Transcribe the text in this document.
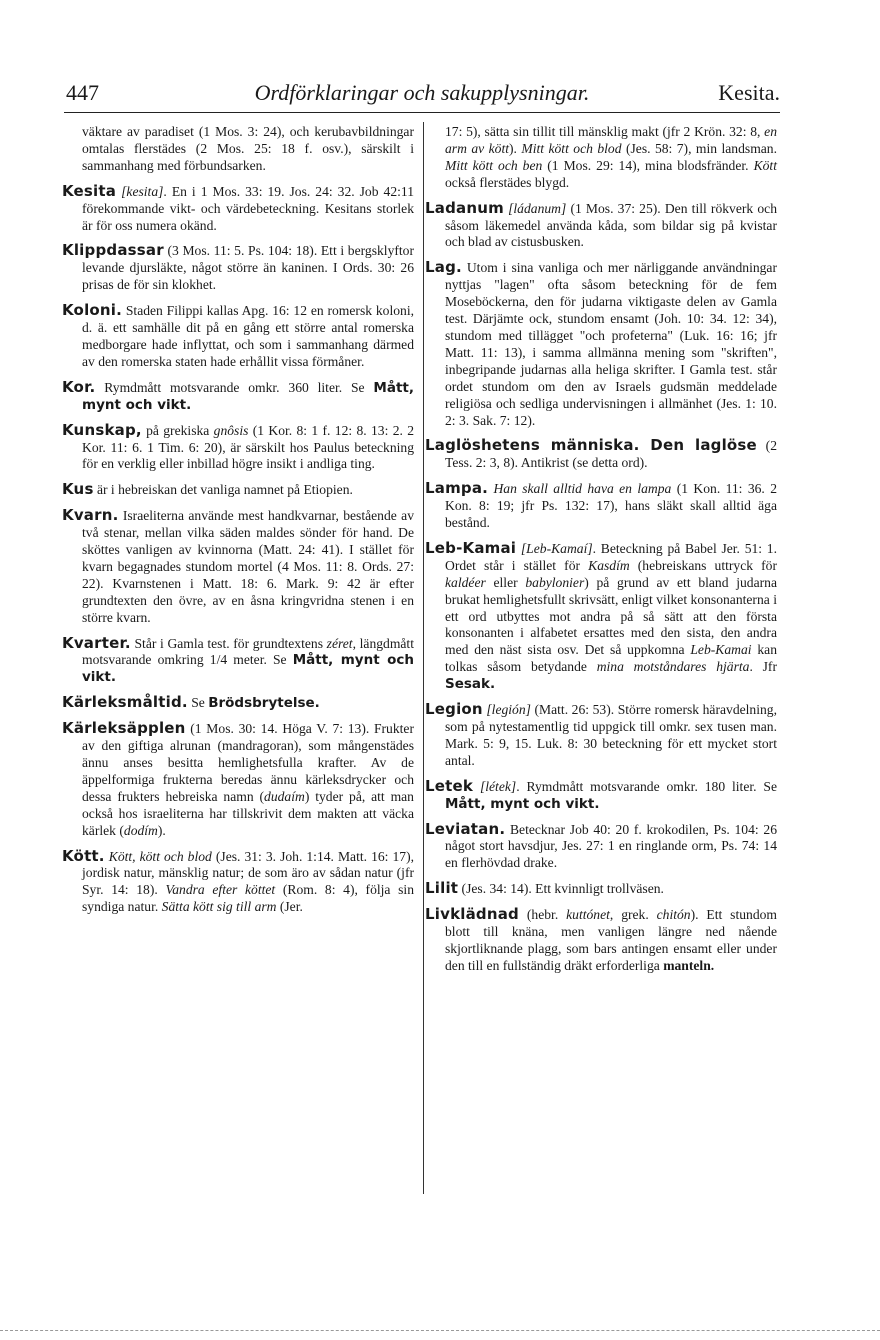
447	Ordförklaringar och sakupplysningar.	Kesita.

väktare av paradiset (1 Mos. 3: 24), och kerubavbildningar omtalas flerstädes (2 Mos. 25: 18 f. osv.), särskilt i sammanhang med förbundsarken.

Kesita [kesita]. En i 1 Mos. 33: 19. Jos. 24: 32. Job 42:11 förekommande vikt- och värdebeteckning. Kesitans storlek är för oss numera okänd.

Klippdassar (3 Mos. 11: 5. Ps. 104: 18). Ett i bergsklyftor levande djursläkte, något större än kaninen. I Ords. 30: 26 prisas de för sin klokhet.

Koloni. Staden Filippi kallas Apg. 16: 12 en romersk koloni, d. ä. ett samhälle dit på en gång ett större antal romerska medborgare hade inflyttat, och som i sammanhang därmed av den romerska staten hade erhållit vissa förmåner.

Kor. Rymdmått motsvarande omkr. 360 liter. Se Mått, mynt och vikt.

Kunskap, på grekiska gnôsis (1 Kor. 8: 1 f. 12: 8. 13: 2. 2 Kor. 11: 6. 1 Tim. 6: 20), är särskilt hos Paulus beteckning för en verklig eller inbillad högre insikt i andliga ting.

Kus är i hebreiskan det vanliga namnet på Etiopien.

Kvarn. Israeliterna använde mest handkvarnar, bestående av två stenar, mellan vilka säden maldes sönder för hand. De sköttes vanligen av kvinnorna (Matt. 24: 41). I stället för kvarn begagnades stundom mortel (4 Mos. 11: 8. Ords. 27: 22). Kvarnstenen i Matt. 18: 6. Mark. 9: 42 är efter grundtexten den övre, av en åsna kringvridna stenen i en större kvarn.

Kvarter. Står i Gamla test. för grundtextens zéret, längdmått motsvarande omkring 1/4 meter. Se Mått, mynt och vikt.

Kärleksmåltid. Se Brödsbrytelse.

Kärleksäpplen (1 Mos. 30: 14. Höga V. 7: 13). Frukter av den giftiga alrunan (mandragoran), som mångenstädes ännu anses besitta hemlighetsfulla krafter. Av de äppelformiga frukterna beredas ännu kärleksdrycker och dessa frukters hebreiska namn (dudaím) tyder på, att man också hos israeliterna har tillskrivit dem makten att väcka kärlek (dodím).

Kött. Kött, kött och blod (Jes. 31: 3. Joh. 1:14. Matt. 16: 17), jordisk natur, mänsklig natur; de som äro av sådan natur (jfr Syr. 14: 18). Vandra efter köttet (Rom. 8: 4), följa sin syndiga natur. Sätta kött sig till arm (Jer.

17: 5), sätta sin tillit till mänsklig makt (jfr 2 Krön. 32: 8, en arm av kött). Mitt kött och blod (Jes. 58: 7), min landsman. Mitt kött och ben (1 Mos. 29: 14), mina blodsfränder. Kött också flerstädes blygd.

Ladanum [ládanum] (1 Mos. 37: 25). Den till rökverk och såsom läkemedel använda kåda, som bildar sig på kvistar och blad av cistusbusken.

Lag. Utom i sina vanliga och mer närliggande användningar nyttjas "lagen" ofta såsom beteckning för de fem Moseböckerna, den för judarna viktigaste delen av Gamla test. Därjämte ock, stundom ensamt (Joh. 10: 34. 12: 34), stundom med tillägget "och profeterna" (Luk. 16: 16; jfr Matt. 11: 13), i samma allmänna mening som "skriften", inbegripande judarnas alla heliga skrifter. I Gamla test. står ordet stundom om den av Israels gudsmän meddelade religiösa och sedliga undervisningen i allmänhet (Jes. 1: 10. 2: 3. Sak. 7: 12).

Laglöshetens människa. Den laglöse (2 Tess. 2: 3, 8). Antikrist (se detta ord).

Lampa. Han skall alltid hava en lampa (1 Kon. 11: 36. 2 Kon. 8: 19; jfr Ps. 132: 17), hans släkt skall alltid äga bestånd.

Leb-Kamai [Leb-Kamaí]. Beteckning på Babel Jer. 51: 1. Ordet står i stället för Kasdím (hebreiskans uttryck för kaldéer eller babylonier) på grund av ett bland judarna brukat hemlighetsfullt skrivsätt, enligt vilket konsonanterna i ett ord utbyttes mot andra på så sätt att den första konsonanten i alfabetet ersattes med den sista, den andra med den näst sista osv. Det så uppkomna Leb-Kamai kan tolkas såsom betydande mina motståndares hjärta. Jfr Sesak.

Legion [legión] (Matt. 26: 53). Större romersk häravdelning, som på nytestamentlig tid uppgick till omkr. sex tusen man. Mark. 5: 9, 15. Luk. 8: 30 beteckning för ett mycket stort antal.

Letek [létek]. Rymdmått motsvarande omkr. 180 liter. Se Mått, mynt och vikt.

Leviatan. Betecknar Job 40: 20 f. krokodilen, Ps. 104: 26 något stort havsdjur, Jes. 27: 1 en ringlande orm, Ps. 74: 14 en flerhövdad drake.

Lilit (Jes. 34: 14). Ett kvinnligt trollväsen.

Livklädnad (hebr. kuttónet, grek. chitón). Ett stundom blott till knäna, men vanligen längre ned nående skjortliknande plagg, som bars antingen ensamt eller under den till en fullständig dräkt erforderliga manteln.
